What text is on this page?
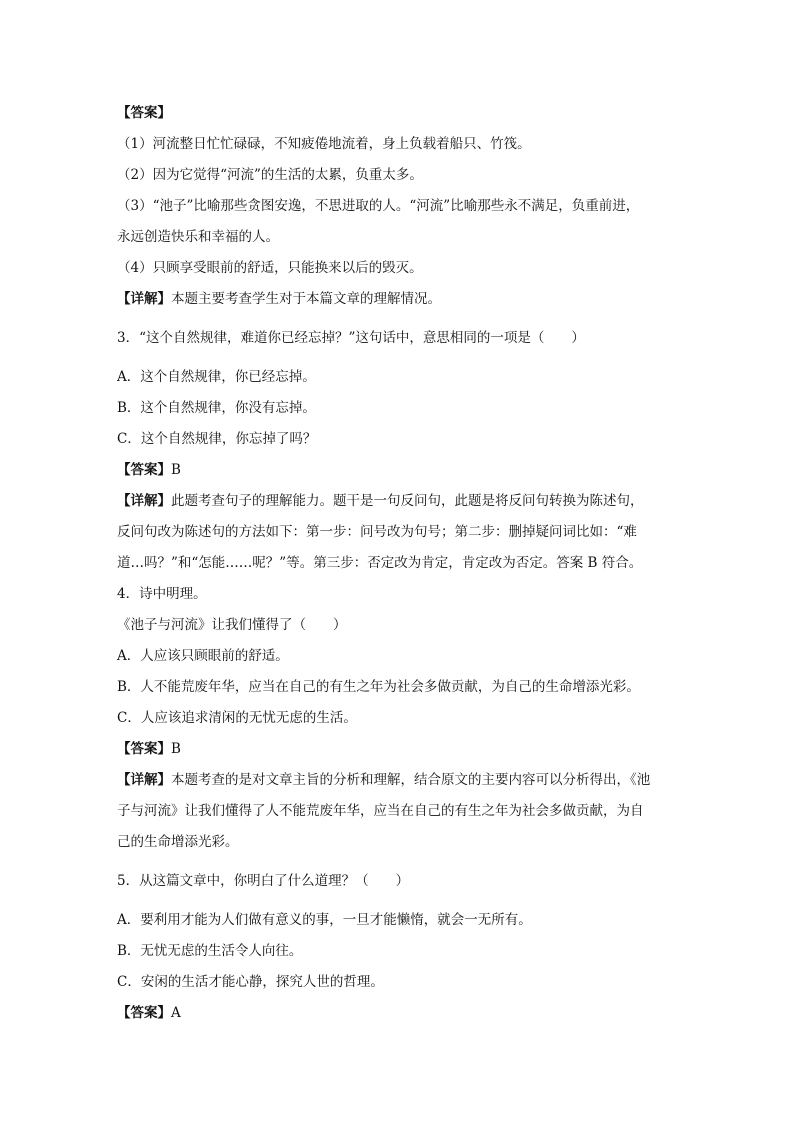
【答案】

（1）河流整日忙忙碌碌，不知疲倦地流着，身上负载着船只、竹筏。

（2）因为它觉得“河流”的生活的太累，负重太多。

（3）“池子”比喻那些贪图安逸，不思进取的人。“河流”比喻那些永不满足，负重前进，

永远创造快乐和幸福的人。

（4）只顾享受眼前的舒适，只能换来以后的毁灭。

【详解】本题主要考查学生对于本篇文章的理解情况。

3．“这个自然规律，难道你已经忘掉？”这句话中，意思相同的一项是（　　）

A．这个自然规律，你已经忘掉。

B．这个自然规律，你没有忘掉。

C．这个自然规律，你忘掉了吗？

【答案】B

【详解】此题考查句子的理解能力。题干是一句反问句，此题是将反问句转换为陈述句，

反问句改为陈述句的方法如下：第一步：问号改为句号；第二步：删掉疑问词比如：“难

道…吗？”和“怎能……呢？”等。第三步：否定改为肯定，肯定改为否定。答案 B 符合。

4．诗中明理。

《池子与河流》让我们懂得了（　　）

A．人应该只顾眼前的舒适。

B．人不能荒废年华，应当在自己的有生之年为社会多做贡献，为自己的生命增添光彩。

C．人应该追求清闲的无忧无虑的生活。

【答案】B

【详解】本题考查的是对文章主旨的分析和理解，结合原文的主要内容可以分析得出，《池

子与河流》让我们懂得了人不能荒废年华，应当在自己的有生之年为社会多做贡献，为自

己的生命增添光彩。

5．从这篇文章中，你明白了什么道理？（　　）

A．要利用才能为人们做有意义的事，一旦才能懒惰，就会一无所有。

B．无忧无虑的生活令人向往。

C．安闲的生活才能心静，探究人世的哲理。

【答案】A
